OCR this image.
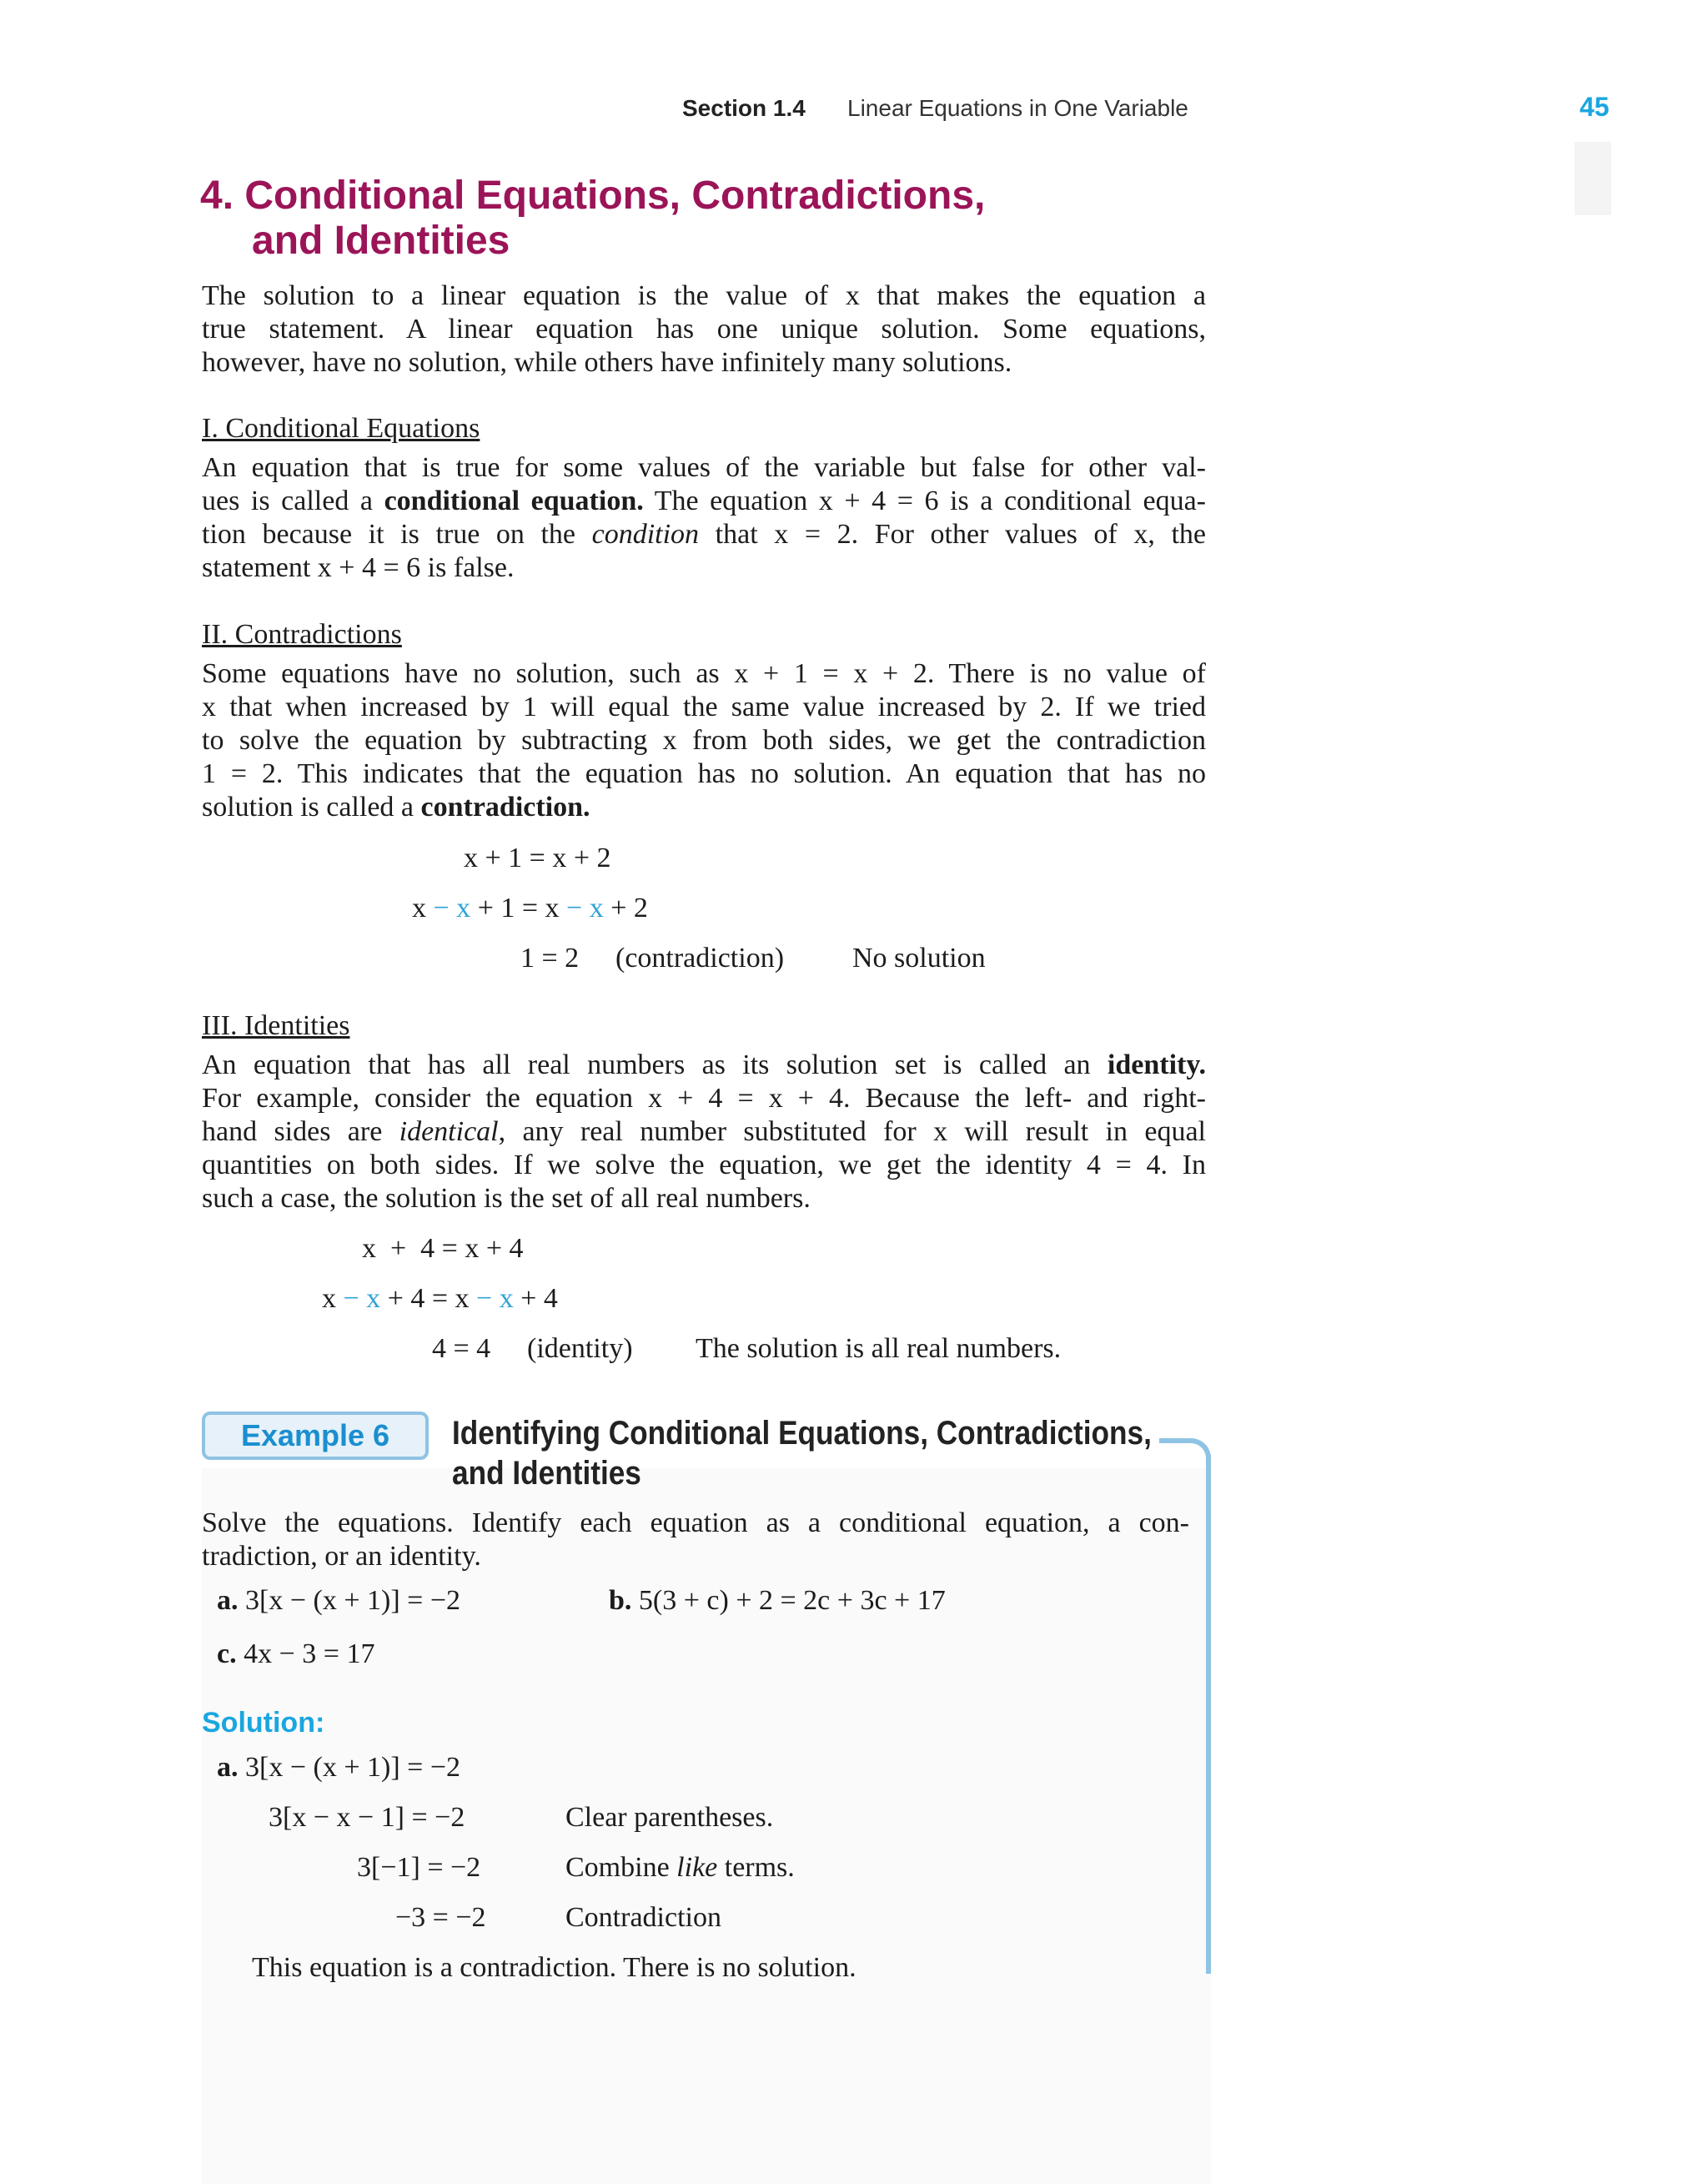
Section 1.4 Linear Equations in One Variable	45
4. Conditional Equations, Contradictions,
and Identities
The solution to a linear equation is the value of x that makes the equation a
true statement. A linear equation has one unique solution. Some equations,
however, have no solution, while others have infinitely many solutions.
I. Conditional Equations
An equation that is true for some values of the variable but false for other val-
ues is called a conditional equation. The equation x + 4 = 6 is a conditional equa-
tion because it is true on the condition that x = 2. For other values of x, the
statement x + 4 = 6 is false.
II. Contradictions
Some equations have no solution, such as x + 1 = x + 2. There is no value of
x that when increased by 1 will equal the same value increased by 2. If we tried
to solve the equation by subtracting x from both sides, we get the contradiction
1 = 2. This indicates that the equation has no solution. An equation that has no
solution is called a contradiction.
x + 1 = x + 2
x − x + 1 = x − x + 2
1 = 2 (contradiction) No solution
III. Identities
An equation that has all real numbers as its solution set is called an identity.
For example, consider the equation x + 4 = x + 4. Because the left- and right-
hand sides are identical, any real number substituted for x will result in equal
quantities on both sides. If we solve the equation, we get the identity 4 = 4. In
such a case, the solution is the set of all real numbers.
x  +  4 = x + 4
x − x + 4 = x − x + 4
4 = 4 (identity) The solution is all real numbers.
Example 6	Identifying Conditional Equations, Contradictions,
and Identities
Solve the equations. Identify each equation as a conditional equation, a con-
tradiction, or an identity.
a. 3[x − (x + 1)] = −2	b. 5(3 + c) + 2 = 2c + 3c + 17
c. 4x − 3 = 17
Solution:
a. 3[x − (x + 1)] = −2
3[x − x − 1] = −2	Clear parentheses.
3[−1] = −2	Combine like terms.
−3 = −2	Contradiction
This equation is a contradiction. There is no solution.
